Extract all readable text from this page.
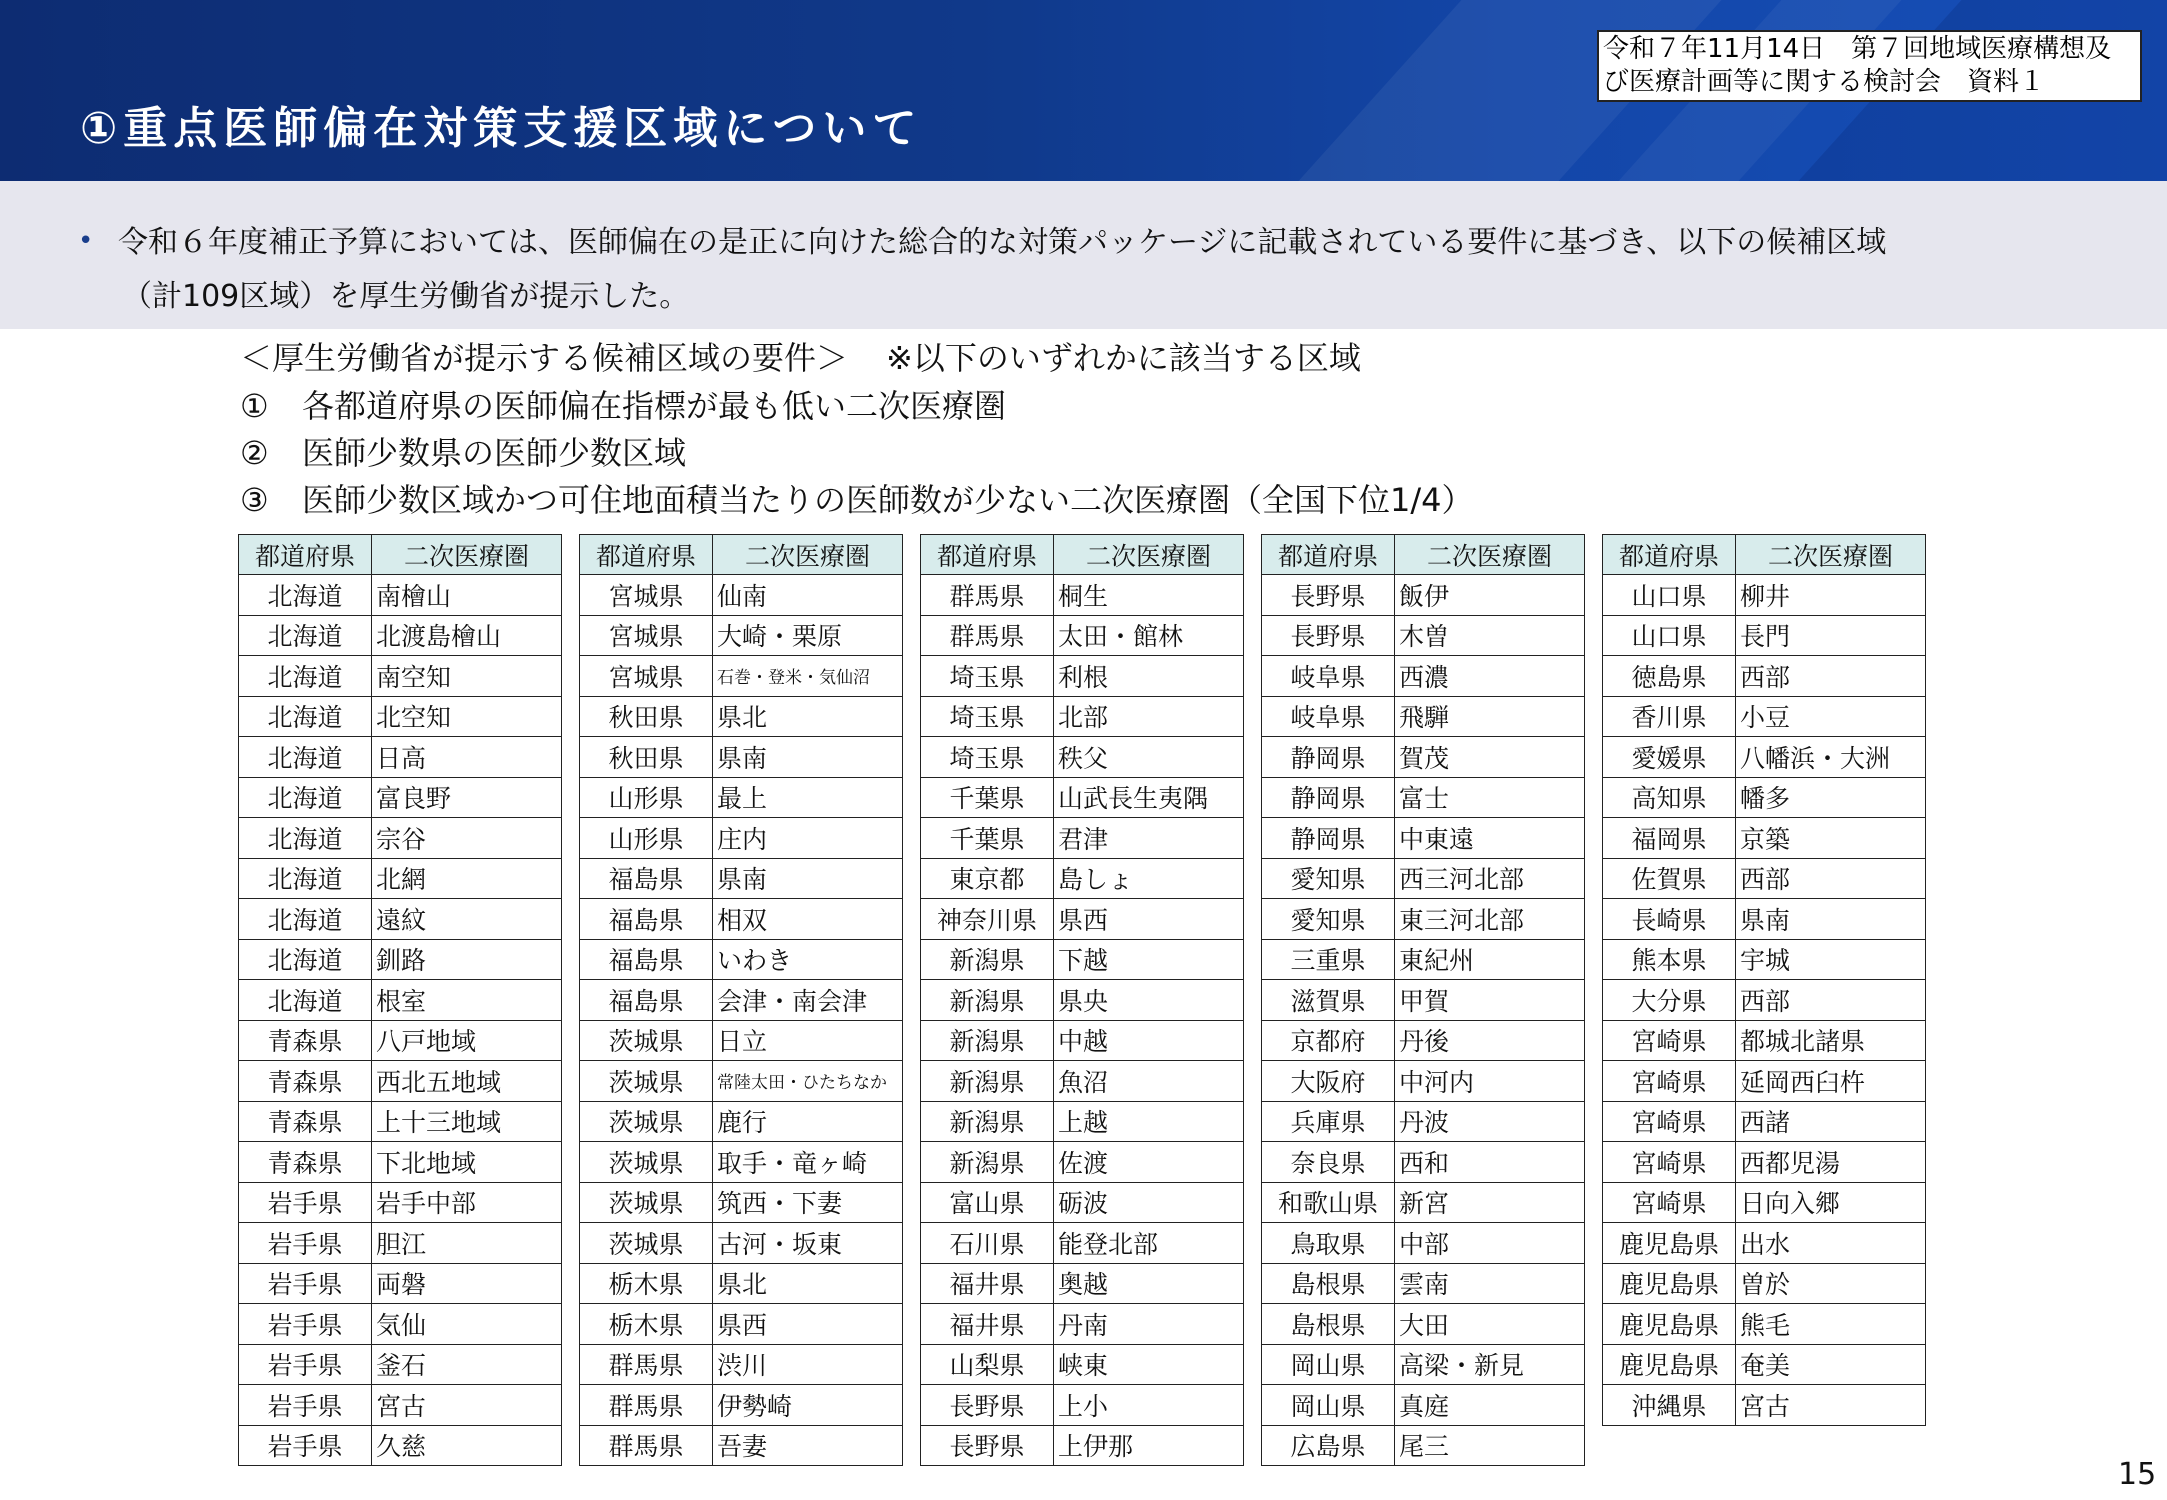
①重点医師偏在対策支援区域について
令和７年11月14日　第７回地域医療構想及
び医療計画等に関する検討会　資料１
• 令和６年度補正予算においては、医師偏在の是正に向けた総合的な対策パッケージに記載されている要件に基づき、以下の候補区域
（計109区域）を厚生労働省が提示した。
＜厚生労働省が提示する候補区域の要件＞ ※以下のいずれかに該当する区域
① 各都道府県の医師偏在指標が最も低い二次医療圏
② 医師少数県の医師少数区域
③ 医師少数区域かつ可住地面積当たりの医師数が少ない二次医療圏（全国下位1/4）
都道府県	二次医療圏
北海道	南檜山
北海道	北渡島檜山
北海道	南空知
北海道	北空知
北海道	日高
北海道	富良野
北海道	宗谷
北海道	北網
北海道	遠紋
北海道	釧路
北海道	根室
青森県	八戸地域
青森県	西北五地域
青森県	上十三地域
青森県	下北地域
岩手県	岩手中部
岩手県	胆江
岩手県	両磐
岩手県	気仙
岩手県	釜石
岩手県	宮古
岩手県	久慈
都道府県	二次医療圏
宮城県	仙南
宮城県	大崎・栗原
宮城県	石巻・登米・気仙沼
秋田県	県北
秋田県	県南
山形県	最上
山形県	庄内
福島県	県南
福島県	相双
福島県	いわき
福島県	会津・南会津
茨城県	日立
茨城県	常陸太田・ひたちなか
茨城県	鹿行
茨城県	取手・竜ヶ崎
茨城県	筑西・下妻
茨城県	古河・坂東
栃木県	県北
栃木県	県西
群馬県	渋川
群馬県	伊勢崎
群馬県	吾妻
都道府県	二次医療圏
群馬県	桐生
群馬県	太田・館林
埼玉県	利根
埼玉県	北部
埼玉県	秩父
千葉県	山武長生夷隅
千葉県	君津
東京都	島しょ
神奈川県	県西
新潟県	下越
新潟県	県央
新潟県	中越
新潟県	魚沼
新潟県	上越
新潟県	佐渡
富山県	砺波
石川県	能登北部
福井県	奥越
福井県	丹南
山梨県	峡東
長野県	上小
長野県	上伊那
都道府県	二次医療圏
長野県	飯伊
長野県	木曽
岐阜県	西濃
岐阜県	飛騨
静岡県	賀茂
静岡県	富士
静岡県	中東遠
愛知県	西三河北部
愛知県	東三河北部
三重県	東紀州
滋賀県	甲賀
京都府	丹後
大阪府	中河内
兵庫県	丹波
奈良県	西和
和歌山県	新宮
鳥取県	中部
島根県	雲南
島根県	大田
岡山県	高梁・新見
岡山県	真庭
広島県	尾三
都道府県	二次医療圏
山口県	柳井
山口県	長門
徳島県	西部
香川県	小豆
愛媛県	八幡浜・大洲
高知県	幡多
福岡県	京築
佐賀県	西部
長崎県	県南
熊本県	宇城
大分県	西部
宮崎県	都城北諸県
宮崎県	延岡西臼杵
宮崎県	西諸
宮崎県	西都児湯
宮崎県	日向入郷
鹿児島県	出水
鹿児島県	曽於
鹿児島県	熊毛
鹿児島県	奄美
沖縄県	宮古
15
